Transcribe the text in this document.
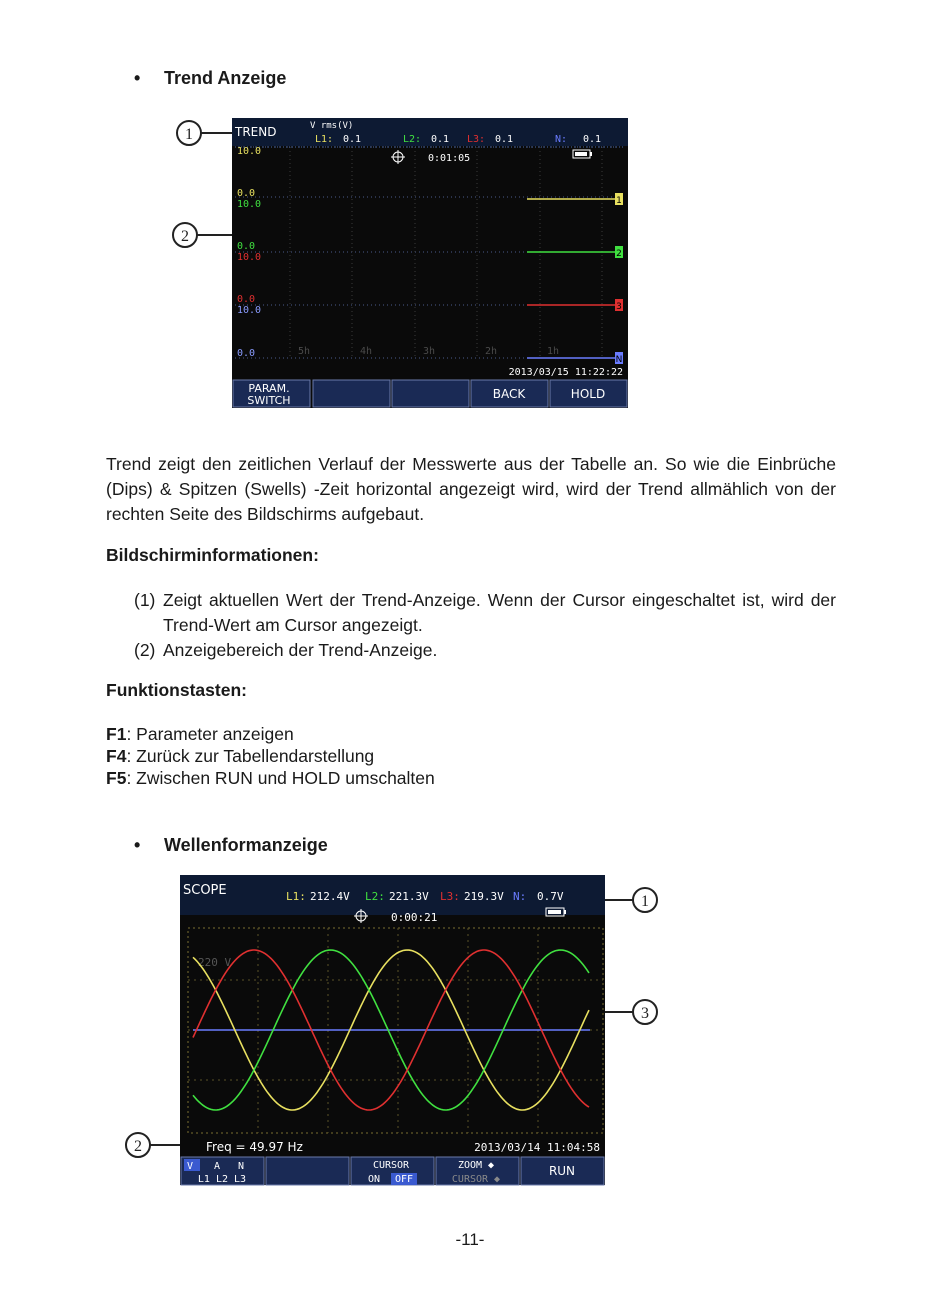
• Trend Anzeige
1
2
TREND	V rms(V)
L1: 0.1	L2: 0.1 L3: 0.1	N: 0.1
0:01:05
10.0
10.0
10.0
10.0
0.0
0.0
0.0
0.0	5h	4h	3h	2h	1h
1
2
3
N
2013/03/15 11:22:22
PARAM.
SWITCH	BACK	HOLD
Trend zeigt den zeitlichen Verlauf der Messwerte aus der Tabelle an. So wie die Einbrüche (Dips) & Spitzen (Swells) -Zeit horizontal angezeigt wird, wird der Trend allmählich von der rechten Seite des Bildschirms aufgebaut.
Bildschirminformationen:
(1) Zeigt aktuellen Wert der Trend-Anzeige. Wenn der Cursor eingeschaltet ist, wird der Trend-Wert am Cursor angezeigt.
(2) Anzeigebereich der Trend-Anzeige.
Funktionstasten:
F1: Parameter anzeigen
F4: Zurück zur Tabellendarstellung
F5: Zwischen RUN und HOLD umschalten
• Wellenformanzeige
SCOPE	L1: 212.4V L2: 221.3V L3: 219.3V N: 0.7V
0:00:21
220 V
Freq = 49.97 Hz	2013/03/14 11:04:58
V A N
L1 L2 L3
CURSOR
ON OFF
ZOOM ◆
CURSOR ◆
RUN
1
3
2
-11-
